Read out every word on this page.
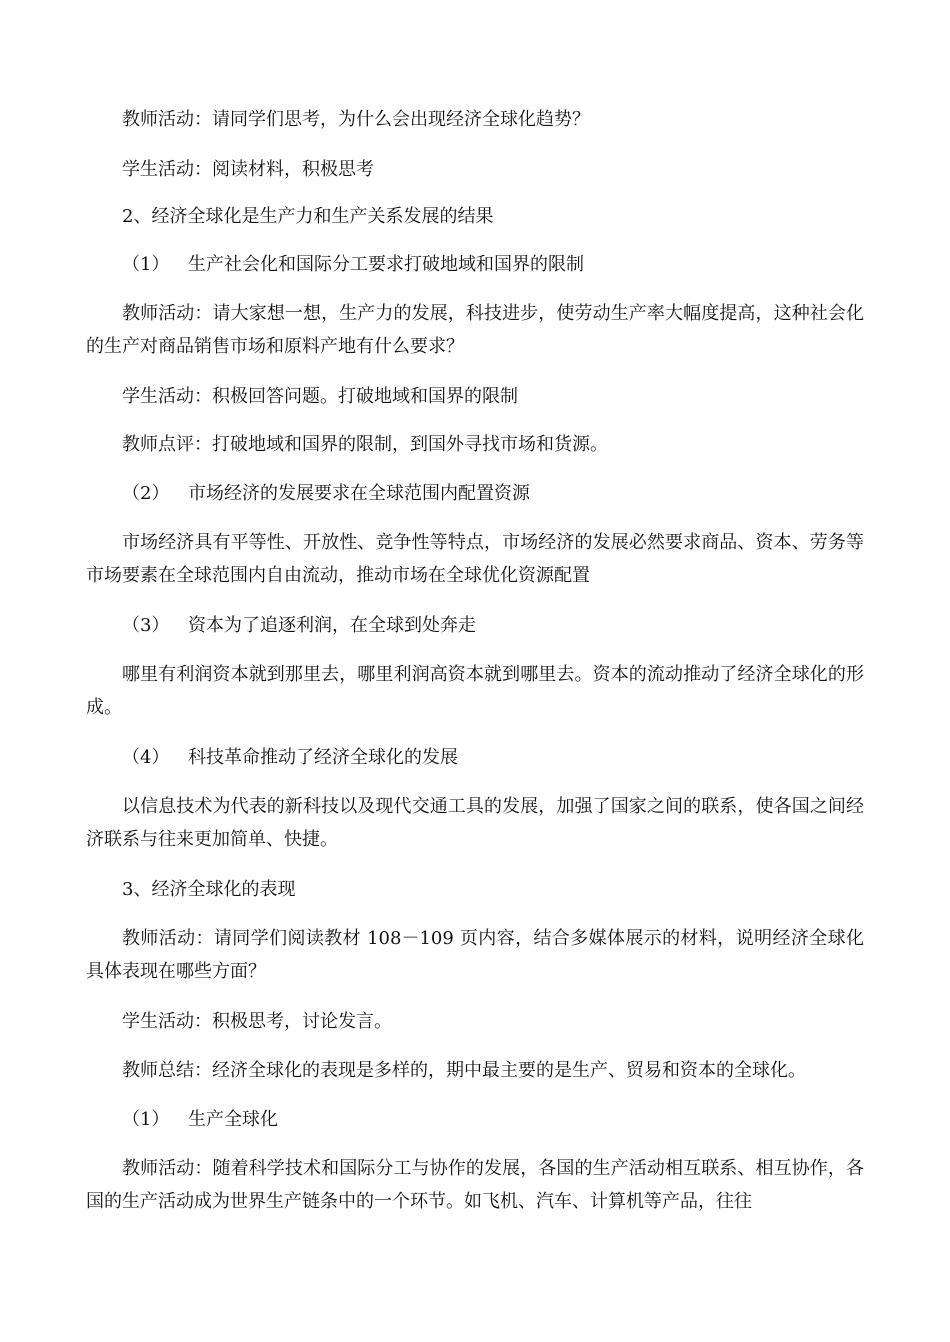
教师活动：请同学们思考，为什么会出现经济全球化趋势？

学生活动：阅读材料，积极思考

2、经济全球化是生产力和生产关系发展的结果

（1） 生产社会化和国际分工要求打破地域和国界的限制

教师活动：请大家想一想，生产力的发展，科技进步，使劳动生产率大幅度提高，这种社会化的生产对商品销售市场和原料产地有什么要求？

学生活动：积极回答问题。打破地域和国界的限制

教师点评：打破地域和国界的限制，到国外寻找市场和货源。

（2） 市场经济的发展要求在全球范围内配置资源

市场经济具有平等性、开放性、竞争性等特点，市场经济的发展必然要求商品、资本、劳务等市场要素在全球范围内自由流动，推动市场在全球优化资源配置

（3） 资本为了追逐利润，在全球到处奔走

哪里有利润资本就到那里去，哪里利润高资本就到哪里去。资本的流动推动了经济全球化的形成。

（4） 科技革命推动了经济全球化的发展

以信息技术为代表的新科技以及现代交通工具的发展，加强了国家之间的联系，使各国之间经济联系与往来更加简单、快捷。

3、经济全球化的表现

教师活动：请同学们阅读教材 108－109 页内容，结合多媒体展示的材料，说明经济全球化具体表现在哪些方面？

学生活动：积极思考，讨论发言。

教师总结：经济全球化的表现是多样的，期中最主要的是生产、贸易和资本的全球化。

（1） 生产全球化

教师活动：随着科学技术和国际分工与协作的发展，各国的生产活动相互联系、相互协作，各国的生产活动成为世界生产链条中的一个环节。如飞机、汽车、计算机等产品，往往
